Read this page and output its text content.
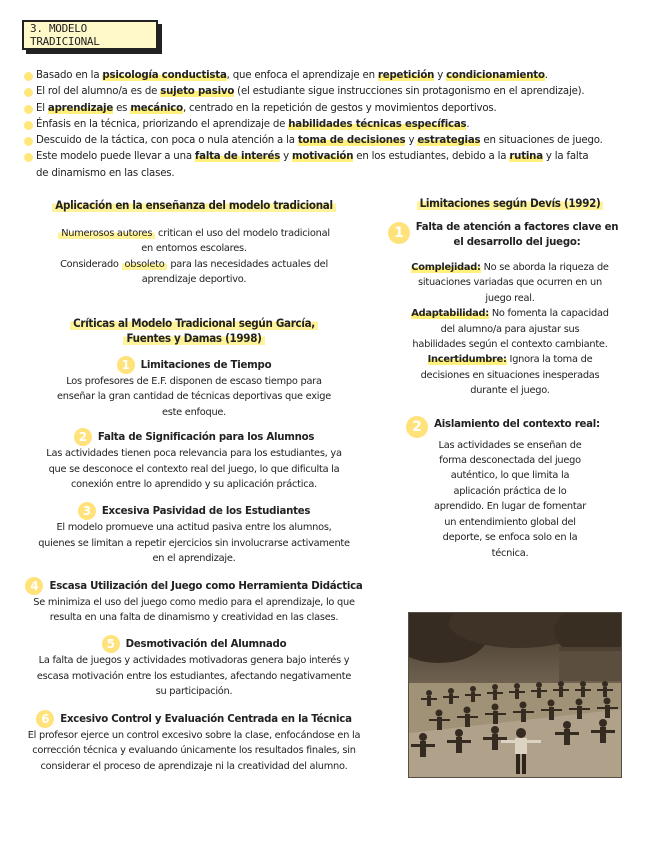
3. MODELO TRADICIONAL
Basado en la psicología conductista, que enfoca el aprendizaje en repetición y condicionamiento.
El rol del alumno/a es de sujeto pasivo (el estudiante sigue instrucciones sin protagonismo en el aprendizaje).
El aprendizaje es mecánico, centrado en la repetición de gestos y movimientos deportivos.
Énfasis en la técnica, priorizando el aprendizaje de habilidades técnicas específicas.
Descuido de la táctica, con poca o nula atención a la toma de decisiones y estrategias en situaciones de juego.
Este modelo puede llevar a una falta de interés y motivación en los estudiantes, debido a la rutina y la falta
de dinamismo en las clases.
Aplicación en la enseñanza del modelo tradicional
Numerosos autores critican el uso del modelo tradicional
en entornos escolares.
Considerado obsoleto para las necesidades actuales del
aprendizaje deportivo.
Críticas al Modelo Tradicional según García,
Fuentes y Damas (1998)
1 Limitaciones de Tiempo
Los profesores de E.F. disponen de escaso tiempo para
enseñar la gran cantidad de técnicas deportivas que exige
este enfoque.
2 Falta de Significación para los Alumnos
Las actividades tienen poca relevancia para los estudiantes, ya
que se desconoce el contexto real del juego, lo que dificulta la
conexión entre lo aprendido y su aplicación práctica.
3 Excesiva Pasividad de los Estudiantes
El modelo promueve una actitud pasiva entre los alumnos,
quienes se limitan a repetir ejercicios sin involucrarse activamente
en el aprendizaje.
4 Escasa Utilización del Juego como Herramienta Didáctica
Se minimiza el uso del juego como medio para el aprendizaje, lo que
resulta en una falta de dinamismo y creatividad en las clases.
5 Desmotivación del Alumnado
La falta de juegos y actividades motivadoras genera bajo interés y
escasa motivación entre los estudiantes, afectando negativamente
su participación.
6 Excesivo Control y Evaluación Centrada en la Técnica
El profesor ejerce un control excesivo sobre la clase, enfocándose en la
corrección técnica y evaluando únicamente los resultados finales, sin
considerar el proceso de aprendizaje ni la creatividad del alumno.
Limitaciones según Devís (1992)
1	Falta de atención a factores clave en
el desarrollo del juego:
Complejidad: No se aborda la riqueza de
situaciones variadas que ocurren en un
juego real.
Adaptabilidad: No fomenta la capacidad
del alumno/a para ajustar sus
habilidades según el contexto cambiante.
Incertidumbre: Ignora la toma de
decisiones en situaciones inesperadas
durante el juego.
2	Aislamiento del contexto real:
Las actividades se enseñan de
forma desconectada del juego
auténtico, lo que limita la
aplicación práctica de lo
aprendido. En lugar de fomentar
un entendimiento global del
deporte, se enfoca solo en la
técnica.
